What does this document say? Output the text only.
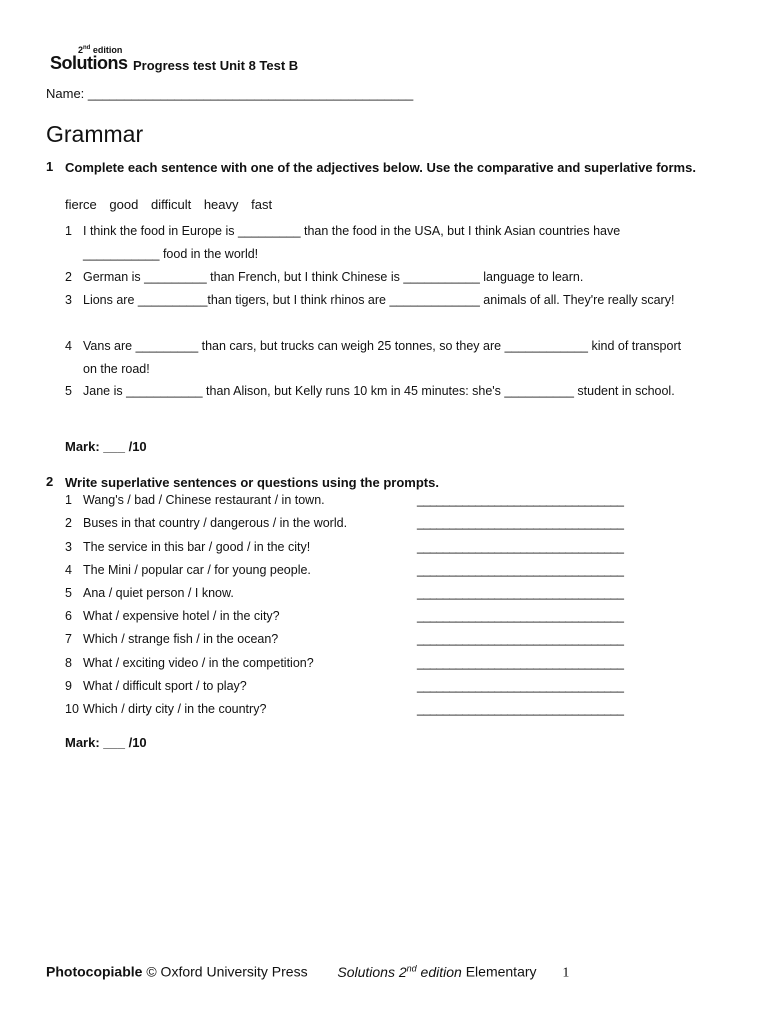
2nd edition
Solutions Progress test Unit 8 Test B
Name: _____________________________________________
Grammar
1 Complete each sentence with one of the adjectives below. Use the comparative and superlative forms.
fierce good difficult heavy fast
1 I think the food in Europe is _________ than the food in the USA, but I think Asian countries have ___________ food in the world!
2 German is _________ than French, but I think Chinese is ___________ language to learn.
3 Lions are __________than tigers, but I think rhinos are _____________ animals of all. They're really scary!
4 Vans are _________ than cars, but trucks can weigh 25 tonnes, so they are ____________ kind of transport on the road!
5 Jane is ___________ than Alison, but Kelly runs 10 km in 45 minutes: she's __________ student in school.
Mark: ___ /10
2 Write superlative sentences or questions using the prompts.
1 Wang's / bad / Chinese restaurant / in town.	________________________________
2 Buses in that country / dangerous / in the world.	________________________________
3 The service in this bar / good / in the city!	________________________________
4 The Mini / popular car / for young people.	________________________________
5 Ana / quiet person / I know.	________________________________
6 What / expensive hotel / in the city?	________________________________
7 Which / strange fish / in the ocean?	________________________________
8 What / exciting video / in the competition?	________________________________
9 What / difficult sport / to play?	________________________________
10 Which / dirty city / in the country?	________________________________
Mark: ___ /10
Photocopiable © Oxford University Press Solutions 2nd edition Elementary 1
